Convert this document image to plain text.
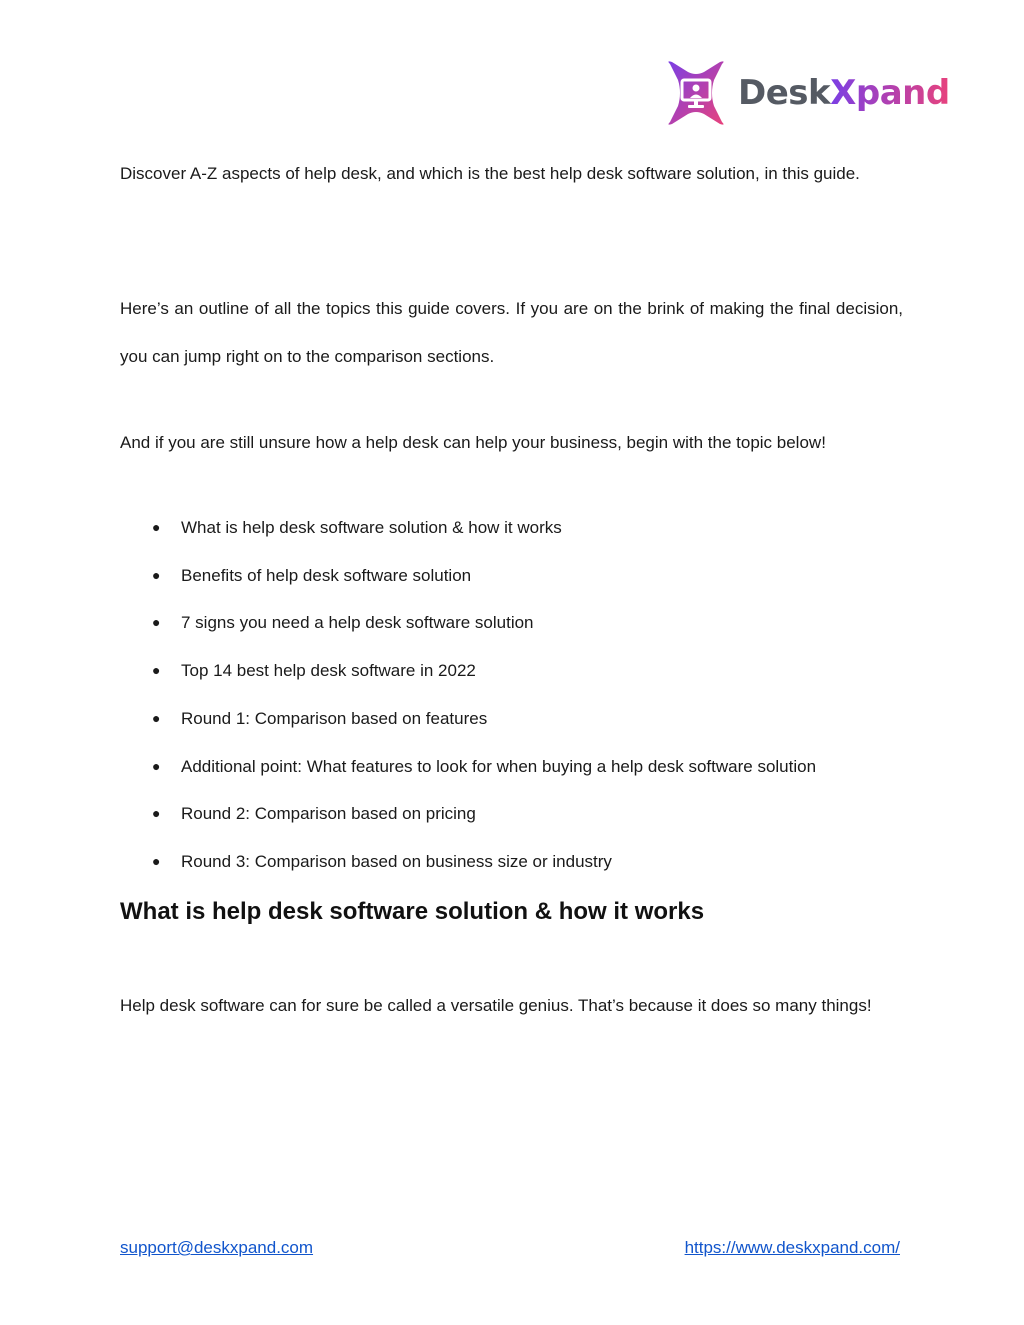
DeskXpand

Discover A-Z aspects of help desk, and which is the best help desk software solution, in this guide.

Here’s an outline of all the topics this guide covers. If you are on the brink of making the final decision, you can jump right on to the comparison sections.

And if you are still unsure how a help desk can help your business, begin with the topic below!

● What is help desk software solution & how it works
● Benefits of help desk software solution
● 7 signs you need a help desk software solution
● Top 14 best help desk software in 2022
● Round 1: Comparison based on features
● Additional point: What features to look for when buying a help desk software solution
● Round 2: Comparison based on pricing
● Round 3: Comparison based on business size or industry
What is help desk software solution & how it works

Help desk software can for sure be called a versatile genius. That’s because it does so many things!

support@deskxpand.com	https://www.deskxpand.com/
